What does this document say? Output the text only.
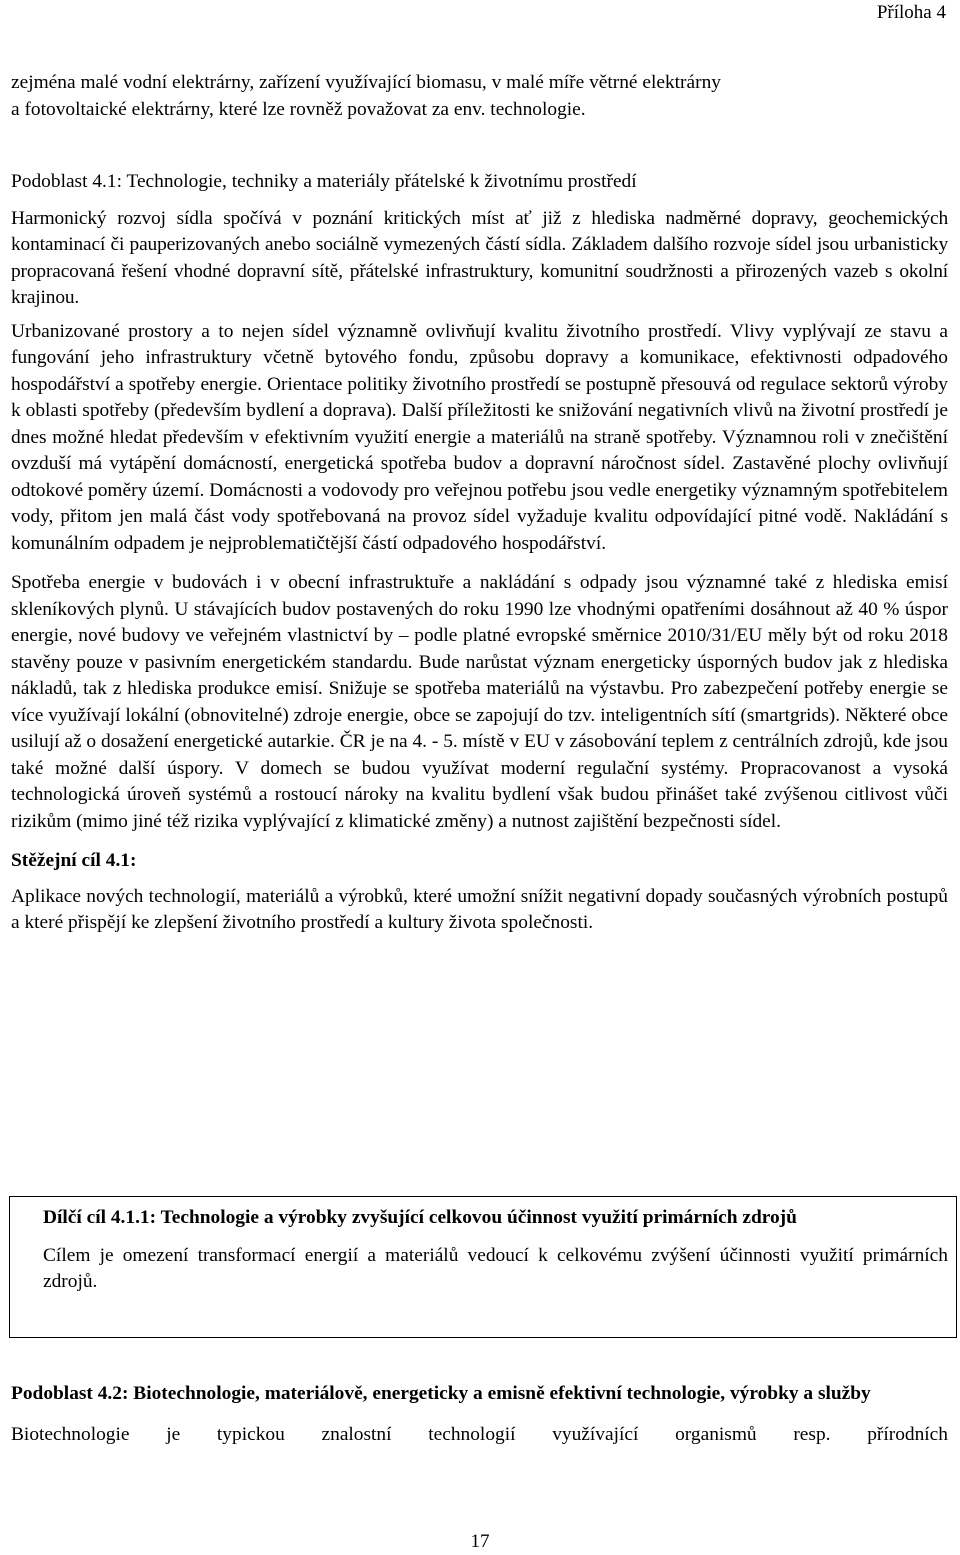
Příloha 4

zejména malé vodní elektrárny, zařízení využívající biomasu, v malé míře větrné elektrárny

a fotovoltaické elektrárny, které lze rovněž považovat za env. technologie.

Podoblast 4.1: Technologie, techniky a materiály přátelské k životnímu prostředí

Harmonický rozvoj sídla spočívá v poznání kritických míst ať již z hlediska nadměrné dopravy, geochemických kontaminací či pauperizovaných anebo sociálně vymezených částí sídla. Základem dalšího rozvoje sídel jsou urbanisticky propracovaná řešení vhodné dopravní sítě, přátelské infrastruktury, komunitní soudržnosti a přirozených vazeb s okolní krajinou.

Urbanizované prostory a to nejen sídel významně ovlivňují kvalitu životního prostředí. Vlivy vyplývají ze stavu a fungování jeho infrastruktury včetně bytového fondu, způsobu dopravy a komunikace, efektivnosti odpadového hospodářství a spotřeby energie. Orientace politiky životního prostředí se postupně přesouvá od regulace sektorů výroby k oblasti spotřeby (především bydlení a doprava). Další příležitosti ke snižování negativních vlivů na životní prostředí je dnes možné hledat především v efektivním využití energie a materiálů na straně spotřeby. Významnou roli v znečištění ovzduší má vytápění domácností, energetická spotřeba budov a dopravní náročnost sídel. Zastavěné plochy ovlivňují odtokové poměry území. Domácnosti a vodovody pro veřejnou potřebu jsou vedle energetiky významným spotřebitelem vody, přitom jen malá část vody spotřebovaná na provoz sídel vyžaduje kvalitu odpovídající pitné vodě. Nakládání s komunálním odpadem je nejproblematičtější částí odpadového hospodářství.

Spotřeba energie v budovách i v obecní infrastruktuře a nakládání s odpady jsou významné také z hlediska emisí skleníkových plynů. U stávajících budov postavených do roku 1990 lze vhodnými opatřeními dosáhnout až 40 % úspor energie, nové budovy ve veřejném vlastnictví by – podle platné evropské směrnice 2010/31/EU měly být od roku 2018 stavěny pouze v pasivním energetickém standardu. Bude narůstat význam energeticky úsporných budov jak z hlediska nákladů, tak z hlediska produkce emisí. Snižuje se spotřeba materiálů na výstavbu. Pro zabezpečení potřeby energie se více využívají lokální (obnovitelné) zdroje energie, obce se zapojují do tzv. inteligentních sítí (smartgrids). Některé obce usilují až o dosažení energetické autarkie. ČR je na 4. - 5. místě v EU v zásobování teplem z centrálních zdrojů, kde jsou také možné další úspory. V domech se budou využívat moderní regulační systémy. Propracovanost a vysoká technologická úroveň systémů a rostoucí nároky na kvalitu bydlení však budou přinášet také zvýšenou citlivost vůči rizikům (mimo jiné též rizika vyplývající z klimatické změny) a nutnost zajištění bezpečnosti sídel.

Stěžejní cíl 4.1:

Aplikace nových technologií, materiálů a výrobků, které umožní snížit negativní dopady současných výrobních postupů a které přispějí ke zlepšení životního prostředí a kultury života společnosti.

Dílčí cíl 4.1.1: Technologie a výrobky zvyšující celkovou účinnost využití primárních zdrojů

Cílem je omezení transformací energií a materiálů vedoucí k celkovému zvýšení účinnosti využití primárních zdrojů.

Podoblast 4.2: Biotechnologie, materiálově, energeticky a emisně efektivní technologie, výrobky a služby

Biotechnologie je typickou znalostní technologií využívající organismů resp. přírodních

17
